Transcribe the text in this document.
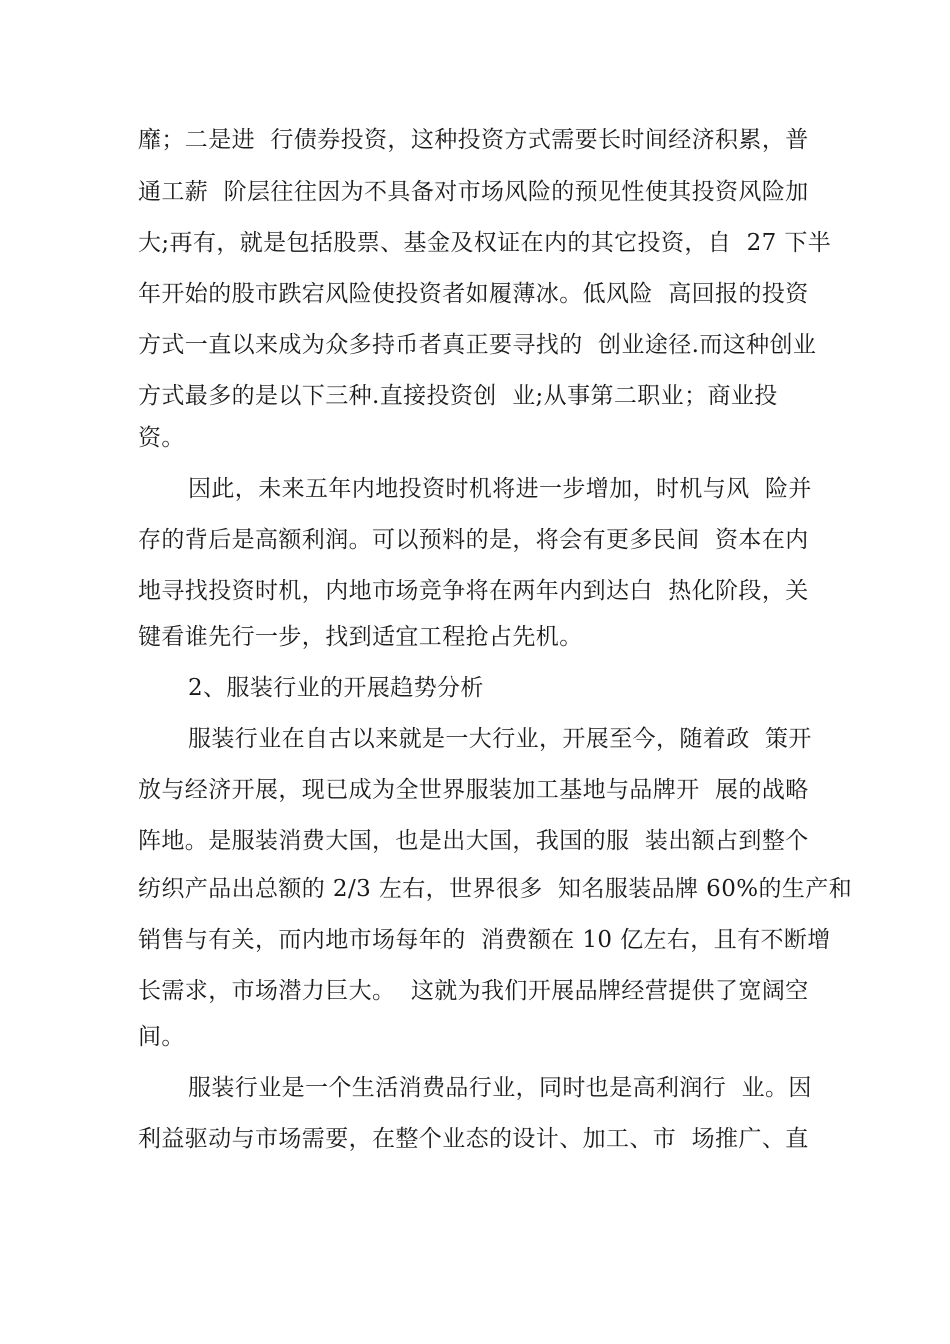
靡；二是进  行债券投资，这种投资方式需要长时间经济积累，普
通工薪  阶层往往因为不具备对市场风险的预见性使其投资风险加
大;再有，就是包括股票、基金及权证在内的其它投资，自  27 下半
年开始的股市跌宕风险使投资者如履薄冰。低风险  高回报的投资
方式一直以来成为众多持币者真正要寻找的  创业途径.而这种创业
方式最多的是以下三种.直接投资创  业;从事第二职业；商业投
资。
因此，未来五年内地投资时机将进一步增加，时机与风  险并
存的背后是高额利润。可以预料的是，将会有更多民间  资本在内
地寻找投资时机，内地市场竞争将在两年内到达白  热化阶段，关
键看谁先行一步，找到适宜工程抢占先机。
2、服装行业的开展趋势分析
服装行业在自古以来就是一大行业，开展至今，随着政  策开
放与经济开展，现已成为全世界服装加工基地与品牌开  展的战略
阵地。是服装消费大国，也是出大国，我国的服  装出额占到整个
纺织产品出总额的 2/3 左右，世界很多  知名服装品牌 60%的生产和
销售与有关，而内地市场每年的  消费额在 10 亿左右，且有不断增
长需求，市场潜力巨大。  这就为我们开展品牌经营提供了宽阔空
间。
服装行业是一个生活消费品行业，同时也是高利润行  业。因
利益驱动与市场需要，在整个业态的设计、加工、市  场推广、直
